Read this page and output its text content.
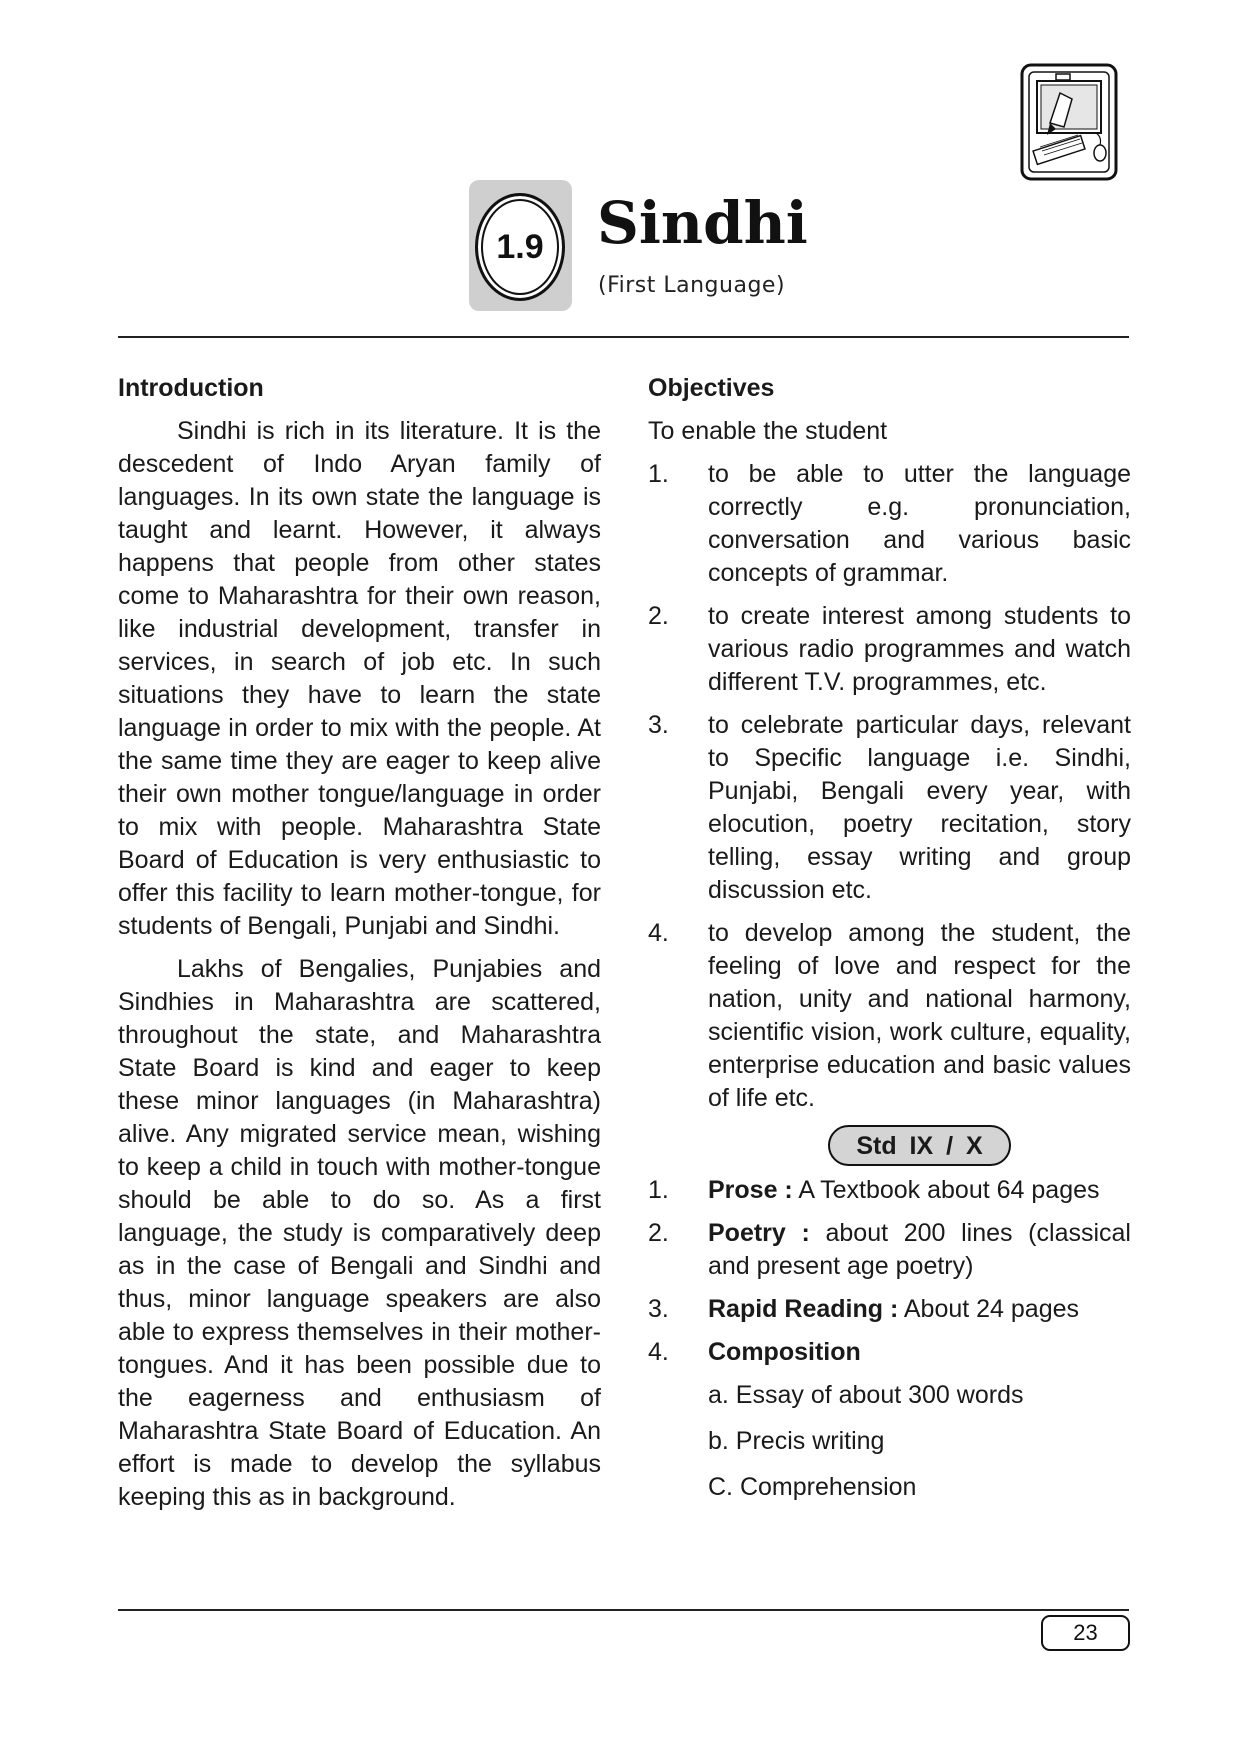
1.9 Sindhi
(First Language)
Introduction

Sindhi is rich in its literature. It is the descedent of Indo Aryan family of languages. In its own state the language is taught and learnt. However, it always happens that people from other states come to Maharashtra for their own reason, like industrial development, transfer in services, in search of job etc. In such situations they have to learn the state language in order to mix with the people. At the same time they are eager to keep alive their own mother tongue/language in order to mix with people. Maharashtra State Board of Education is very enthusiastic to offer this facility to learn mother-tongue, for students of Bengali, Punjabi and Sindhi.

Lakhs of Bengalies, Punjabies and Sindhies in Maharashtra are scattered, throughout the state, and Maharashtra State Board is kind and eager to keep these minor languages (in Maharashtra) alive. Any migrated service mean, wishing to keep a child in touch with mother-tongue should be able to do so. As a first language, the study is comparatively deep as in the case of Bengali and Sindhi and thus, minor language speakers are also able to express themselves in their mother-tongues. And it has been possible due to the eagerness and enthusiasm of Maharashtra State Board of Education. An effort is made to develop the syllabus keeping this as in background.

Objectives
To enable the student
1.	to be able to utter the language correctly e.g. pronunciation, conversation and various basic concepts of grammar.
2.	to create interest among students to various radio programmes and watch different T.V. programmes, etc.
3.	to celebrate particular days, relevant to Specific language i.e. Sindhi, Punjabi, Bengali every year, with elocution, poetry recitation, story telling, essay writing and group discussion etc.
4.	to develop among the student, the feeling of love and respect for the nation, unity and national harmony, scientific vision, work culture, equality, enterprise education and basic values of life etc.
Std IX / X
1.	Prose : A Textbook about 64 pages
2.	Poetry : about 200 lines (classical and present age poetry)
3.	Rapid Reading : About 24 pages
4.	Composition
a. Essay of about 300 words
b. Precis writing
C. Comprehension
23
